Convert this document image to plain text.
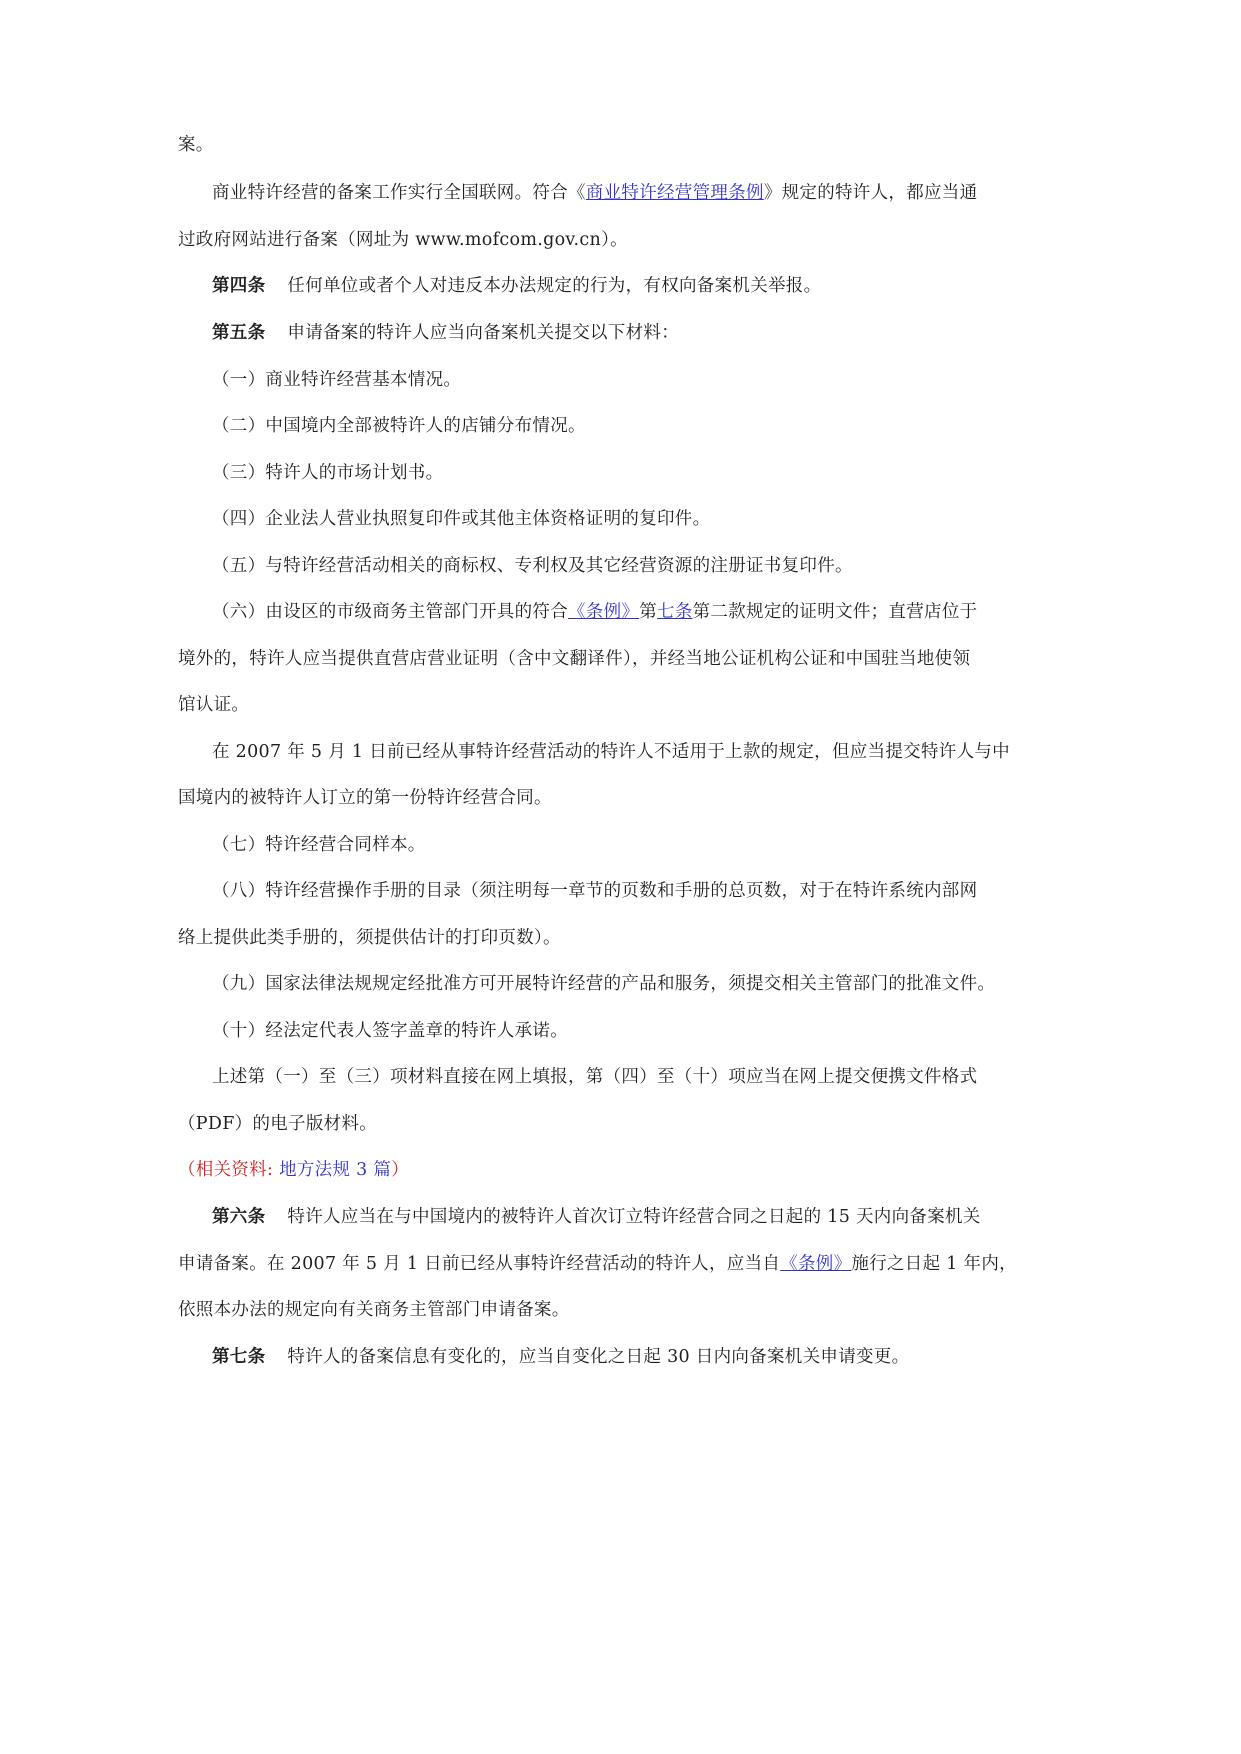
案。
商业特许经营的备案工作实行全国联网。符合《商业特许经营管理条例》规定的特许人，都应当通
过政府网站进行备案（网址为 www.mofcom.gov.cn）。
第四条 任何单位或者个人对违反本办法规定的行为，有权向备案机关举报。
第五条 申请备案的特许人应当向备案机关提交以下材料：
（一）商业特许经营基本情况。
（二）中国境内全部被特许人的店铺分布情况。
（三）特许人的市场计划书。
（四）企业法人营业执照复印件或其他主体资格证明的复印件。
（五）与特许经营活动相关的商标权、专利权及其它经营资源的注册证书复印件。
（六）由设区的市级商务主管部门开具的符合《条例》第七条第二款规定的证明文件；直营店位于
境外的，特许人应当提供直营店营业证明（含中文翻译件），并经当地公证机构公证和中国驻当地使领
馆认证。
在 2007 年 5 月 1 日前已经从事特许经营活动的特许人不适用于上款的规定，但应当提交特许人与中
国境内的被特许人订立的第一份特许经营合同。
（七）特许经营合同样本。
（八）特许经营操作手册的目录（须注明每一章节的页数和手册的总页数，对于在特许系统内部网
络上提供此类手册的，须提供估计的打印页数）。
（九）国家法律法规规定经批准方可开展特许经营的产品和服务，须提交相关主管部门的批准文件。
（十）经法定代表人签字盖章的特许人承诺。
上述第（一）至（三）项材料直接在网上填报，第（四）至（十）项应当在网上提交便携文件格式
（PDF）的电子版材料。
（相关资料: 地方法规 3 篇）
第六条 特许人应当在与中国境内的被特许人首次订立特许经营合同之日起的 15 天内向备案机关
申请备案。在 2007 年 5 月 1 日前已经从事特许经营活动的特许人，应当自《条例》施行之日起 1 年内，
依照本办法的规定向有关商务主管部门申请备案。
第七条 特许人的备案信息有变化的，应当自变化之日起 30 日内向备案机关申请变更。
